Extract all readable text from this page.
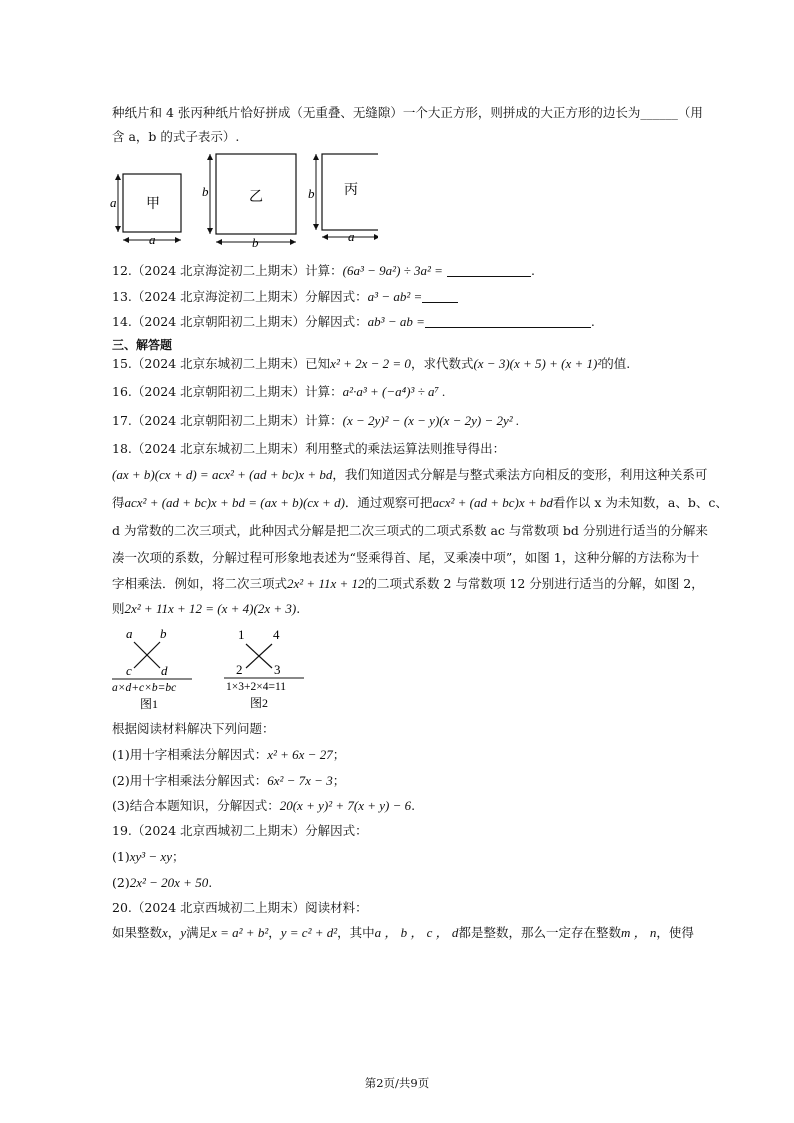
种纸片和 4 张丙种纸片恰好拼成（无重叠、无缝隙）一个大正方形，则拼成的大正方形的边长为______（用
含 a，b 的式子表示）.
a 甲
a
b	乙
b
b 丙
a
12.（2024 北京海淀初二上期末）计算：(6a³ − 9a²) ÷ 3a² =	.
13.（2024 北京海淀初二上期末）分解因式：a³ − ab² =
14.（2024 北京朝阳初二上期末）分解因式：ab³ − ab =	.
三、解答题
15.（2024 北京东城初二上期末）已知x² + 2x − 2 = 0，求代数式(x − 3)(x + 5) + (x + 1)²的值.
16.（2024 北京朝阳初二上期末）计算：a²·a³ + (−a⁴)³ ÷ a⁷ .
17.（2024 北京朝阳初二上期末）计算：(x − 2y)² − (x − y)(x − 2y) − 2y² .
18.（2024 北京东城初二上期末）利用整式的乘法运算法则推导得出：
(ax + b)(cx + d) = acx² + (ad + bc)x + bd，我们知道因式分解是与整式乘法方向相反的变形，利用这种关系可
得acx² + (ad + bc)x + bd = (ax + b)(cx + d)．通过观察可把acx² + (ad + bc)x + bd看作以 x 为未知数，a、b、c、
d 为常数的二次三项式，此种因式分解是把二次三项式的二项式系数 ac 与常数项 bd 分别进行适当的分解来
凑一次项的系数，分解过程可形象地表述为“竖乘得首、尾，叉乘凑中项”，如图 1，这种分解的方法称为十
字相乘法．例如，将二次三项式2x² + 11x + 12的二项式系数 2 与常数项 12 分别进行适当的分解，如图 2，
则2x² + 11x + 12 = (x + 4)(2x + 3).
a b
c d
a×d+c×b=bc
图1
1 4
2 3
1×3+2×4=11
图2
根据阅读材料解决下列问题：
(1)用十字相乘法分解因式：x² + 6x − 27；
(2)用十字相乘法分解因式：6x² − 7x − 3；
(3)结合本题知识，分解因式：20(x + y)² + 7(x + y) − 6.
19.（2024 北京西城初二上期末）分解因式：
(1)xy³ − xy；
(2)2x² − 20x + 50.
20.（2024 北京西城初二上期末）阅读材料：
如果整数x，y满足x = a² + b²，y = c² + d²，其中a ， b ， c ， d都是整数，那么一定存在整数m ， n，使得
第2页/共9页
